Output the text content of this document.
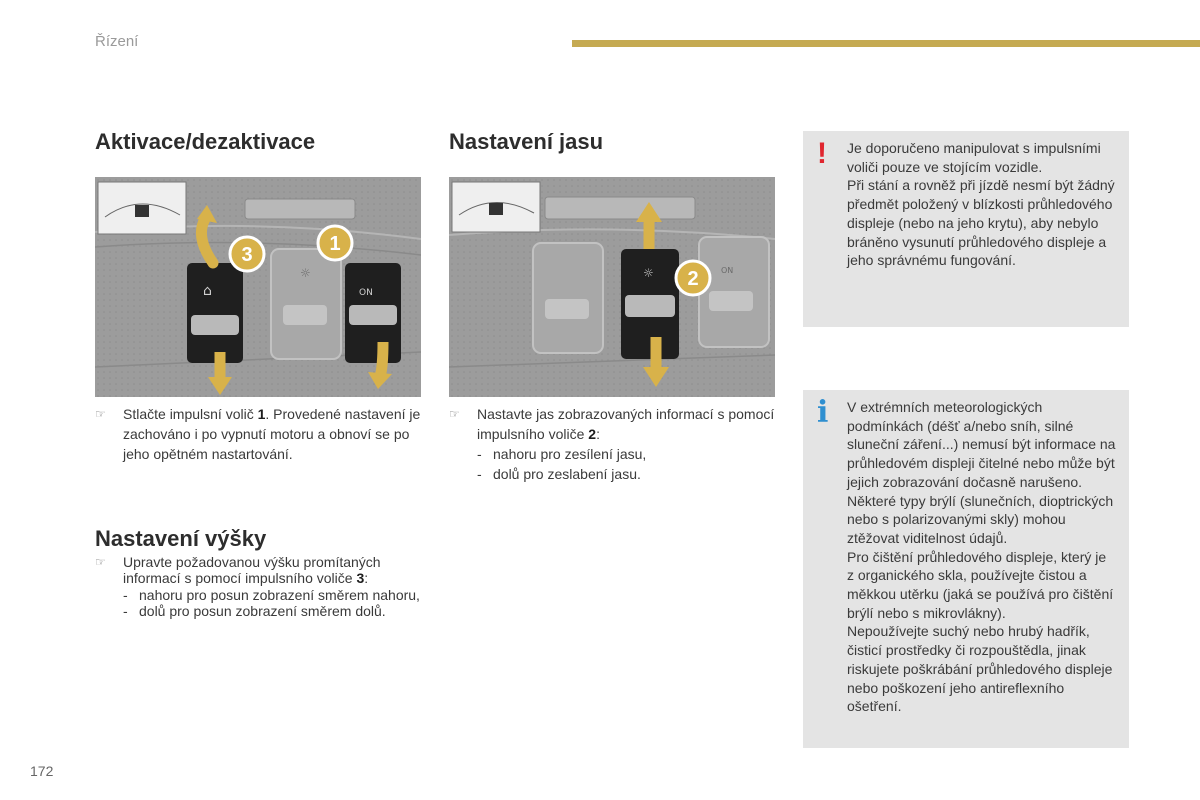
Řízení
Aktivace/dezaktivace
☼
⌂	ON
3	1
☞	Stlačte impulsní volič 1. Provedené nastavení je zachováno i po vypnutí motoru a obnoví se po jeho opětném nastartování.

Nastavení výšky
☞	Upravte požadovanou výšku promítaných informací s pomocí impulsního voliče 3:

- nahoru pro posun zobrazení směrem nahoru,
- dolů pro posun zobrazení směrem dolů.
Nastavení jasu
ON
☼ 2
☞	Nastavte jas zobrazovaných informací s pomocí impulsního voliče 2:

- nahoru pro zesílení jasu,
- dolů pro zeslabení jasu.
! Je doporučeno manipulovat s impulsními voliči pouze ve stojícím vozidle.

Při stání a rovněž při jízdě nesmí být žádný předmět položený v blízkosti průhledového displeje (nebo na jeho krytu), aby nebylo bráněno vysunutí průhledového displeje a jeho správnému fungování.

i V extrémních meteorologických podmínkách (déšť a/nebo sníh, silné sluneční záření...) nemusí být informace na průhledovém displeji čitelné nebo může být jejich zobrazování dočasně narušeno.

Některé typy brýlí (slunečních, dioptrických nebo s polarizovanými skly) mohou ztěžovat viditelnost údajů.

Pro čištění průhledového displeje, který je z organického skla, používejte čistou a měkkou utěrku (jaká se používá pro čištění brýlí nebo s mikrovlákny).

Nepoužívejte suchý nebo hrubý hadřík, čisticí prostředky či rozpouštědla, jinak riskujete poškrábání průhledového displeje nebo poškození jeho antireflexního ošetření.

172
